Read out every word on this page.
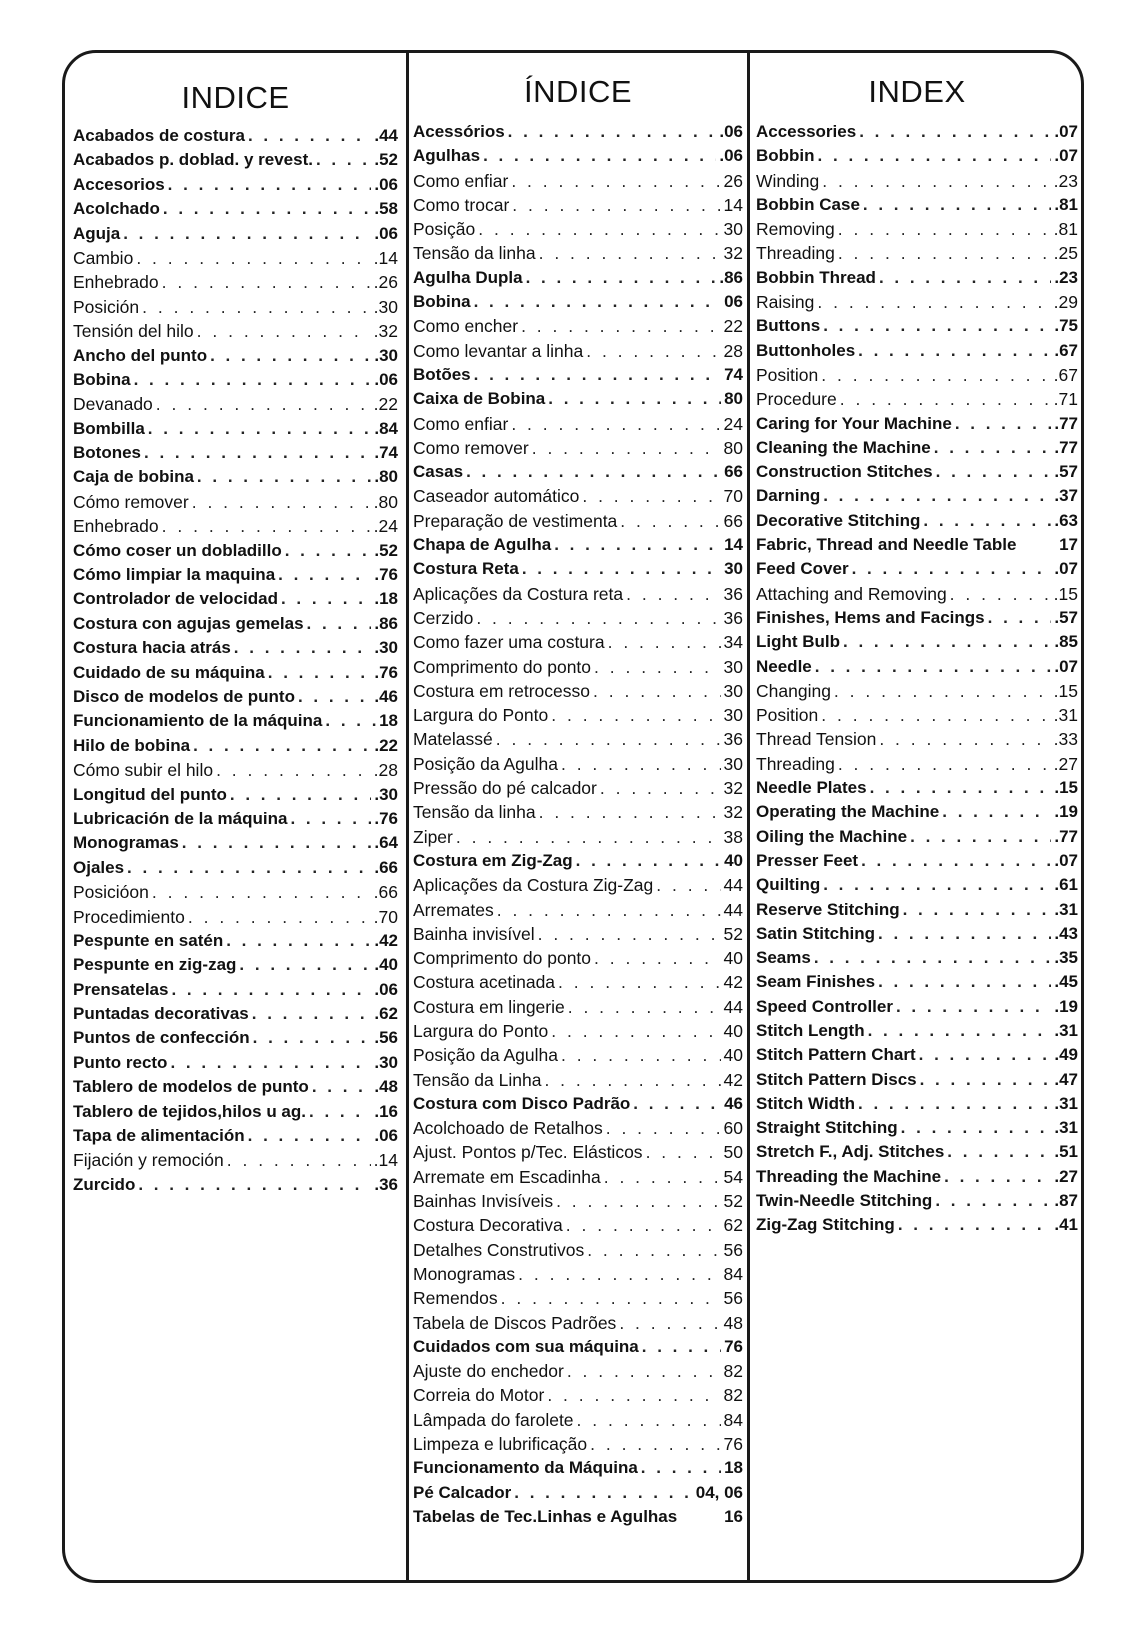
INDICE
Acabados de costura . . .	.44
Acabados p. doblad. y revest. . . .	.52
Accesorios . . .	.06
Acolchado . . .	.58
Aguja . . .	.06
Cambio . . .	.14
Enhebrado . . .	.26
Posición . . .	.30
Tensión del hilo . . .	.32
Ancho del punto . . .	.30
Bobina . . .	.06
Devanado . . .	.22
Bombilla . . .	.84
Botones . . .	.74
Caja de bobina . . .	.80
Cómo remover . . .	.80
Enhebrado . . .	.24
Cómo coser un dobladillo . . .	.52
Cómo limpiar la maquina . . .	.76
Controlador de velocidad . . .	.18
Costura con agujas gemelas . . .	.86
Costura hacia atrás . . .	.30
Cuidado de su máquina . . .	.76
Disco de modelos de punto . . .	.46
Funcionamiento de la máquina . . .	18
Hilo de bobina . . .	.22
Cómo subir el hilo . . .	.28
Longitud del punto . . .	.30
Lubricación de la máquina . . .	.76
Monogramas . . .	.64
Ojales . . .	.66
Posicióon . . .	.66
Procedimiento . . .	.70
Pespunte en satén . . .	.42
Pespunte en zig-zag . . .	.40
Prensatelas . . .	.06
Puntadas decorativas . . .	.62
Puntos de confección . . .	.56
Punto recto . . .	.30
Tablero de modelos de punto . . .	.48
Tablero de tejidos,hilos u ag. . . .	.16
Tapa de alimentación . . .	.06
Fijación y remoción . . .	.14
Zurcido . . .	.36
ÍNDICE
Acessórios . . .	.06
Agulhas . . .	.06
Como enfiar . . .	26
Como trocar . . .	14
Posição . . .	30
Tensão da linha . . .	32
Agulha Dupla . . .	.86
Bobina . . .	06
Como encher . . .	22
Como levantar a linha . . .	28
Botões . . .	74
Caixa de Bobina . . .	80
Como enfiar . . .	24
Como remover . . .	80
Casas . . .	66
Caseador automático . . .	70
Preparação de vestimenta . . .	66
Chapa de Agulha . . .	14
Costura Reta . . .	30
Aplicações da Costura reta . . .	36
Cerzido . . .	36
Como fazer uma costura . . .	34
Comprimento do ponto . . .	30
Costura em retrocesso . . .	30
Largura do Ponto . . .	30
Matelassé . . .	36
Posição da Agulha . . .	30
Pressão do pé calcador . . .	32
Tensão da linha . . .	32
Ziper . . .	38
Costura em Zig-Zag . . .	40
Aplicações da Costura Zig-Zag . . .	44
Arremates . . .	44
Bainha invisível . . .	52
Comprimento do ponto . . .	40
Costura acetinada . . .	42
Costura em lingerie . . .	44
Largura do Ponto . . .	40
Posição da Agulha . . .	40
Tensão da Linha . . .	42
Costura com Disco Padrão . . .	46
Acolchoado de Retalhos . . .	60
Ajust. Pontos p/Tec. Elásticos . . .	50
Arremate em Escadinha . . .	54
Bainhas Invisíveis . . .	52
Costura Decorativa . . .	62
Detalhes Construtivos . . .	56
Monogramas . . .	84
Remendos . . .	56
Tabela de Discos Padrões . . .	48
Cuidados com sua máquina . . .	76
Ajuste do enchedor . . .	82
Correia do Motor . . .	82
Lâmpada do farolete . . .	84
Limpeza e lubrificação . . .	76
Funcionamento da Máquina . . .	18
Pé Calcador . . .	04, 06
Tabelas de Tec.Linhas e Agulhas	16
INDEX
Accessories . . .	.07
Bobbin . . .	.07
Winding . . .	.23
Bobbin Case . . .	.81
Removing . . .	.81
Threading . . .	.25
Bobbin Thread . . .	.23
Raising . . .	.29
Buttons . . .	.75
Buttonholes . . .	.67
Position . . .	.67
Procedure . . .	.71
Caring for Your Machine . . .	.77
Cleaning the Machine . . .	.77
Construction Stitches . . .	.57
Darning . . .	.37
Decorative Stitching . . .	.63
Fabric, Thread and Needle Table	17
Feed Cover . . .	.07
Attaching and Removing . . .	.15
Finishes, Hems and Facings . . .	.57
Light Bulb . . .	.85
Needle . . .	.07
Changing . . .	.15
Position . . .	.31
Thread Tension . . .	.33
Threading . . .	.27
Needle Plates . . .	.15
Operating the Machine . . .	.19
Oiling the Machine . . .	.77
Presser Feet . . .	.07
Quilting . . .	.61
Reserve Stitching . . .	.31
Satin Stitching . . .	.43
Seams . . .	.35
Seam Finishes . . .	.45
Speed Controller . . .	.19
Stitch Length . . .	.31
Stitch Pattern Chart . . .	.49
Stitch Pattern Discs . . .	.47
Stitch Width . . .	.31
Straight Stitching . . .	.31
Stretch F., Adj. Stitches . . .	.51
Threading the Machine . . .	.27
Twin-Needle Stitching . . .	.87
Zig-Zag Stitching . . .	.41
